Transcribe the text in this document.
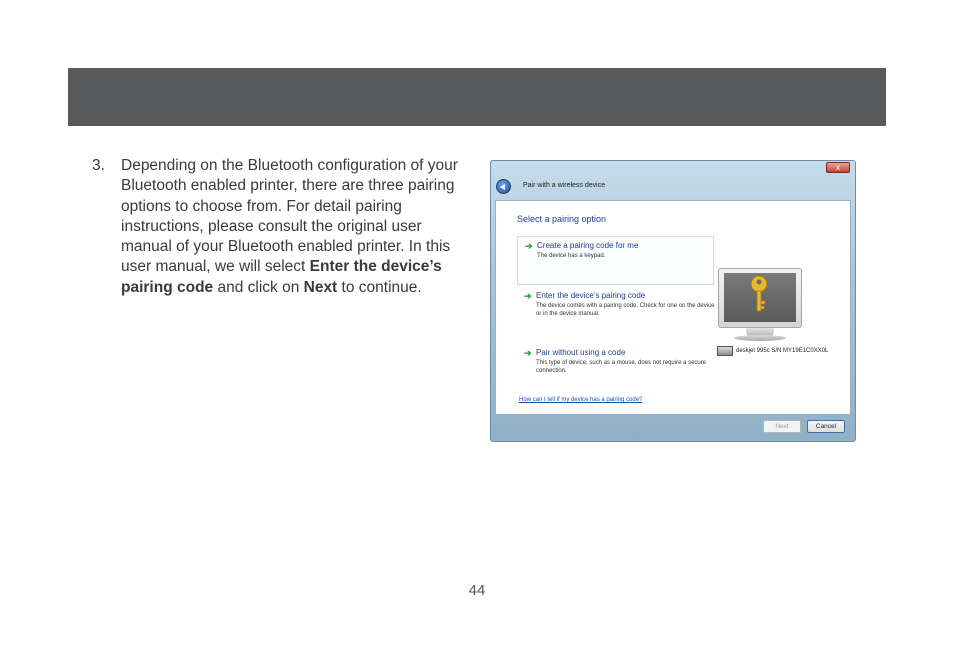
3. Depending on the Bluetooth configuration of your Bluetooth enabled printer, there are three pairing options to choose from. For detail pairing instructions, please consult the original user manual of your Bluetooth enabled printer. In this user manual, we will select Enter the device’s pairing code and click on Next to continue.
x
Pair with a wireless device
Select a pairing option
➔ Create a pairing code for me
The device has a keypad.
➔ Enter the device’s pairing code
The device comes with a pairing code. Check for one on the device or in the device manual.
➔ Pair without using a code
This type of device, such as a mouse, does not require a secure connection.
deskjet 995c S/N MY19E1C0XX0L
How can I tell if my device has a pairing code?
Next	Cancel
44
